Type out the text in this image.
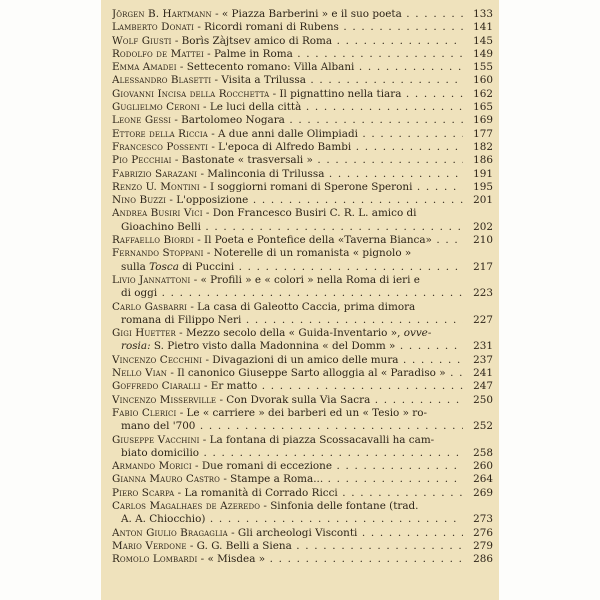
Jörgen B. Hartmann - « Piazza Barberini » e il suo poeta . . .	133
Lamberto Donati - Ricordi romani di Rubens . . .	141
Wolf Giusti - Borìs Zàjtsev amico di Roma . . .	145
Rodolfo de Mattei - Palme in Roma . . .	149
Emma Amadei - Settecento romano: Villa Albani . . .	155
Alessandro Blasetti - Visita a Trilussa . . .	160
Giovanni Incisa della Rocchetta - Il pignattino nella tiara . . .	162
Guglielmo Ceroni - Le luci della città . . .	165
Leone Gessi - Bartolomeo Nogara . . .	169
Ettore della Riccia - A due anni dalle Olimpiadi . . .	177
Francesco Possenti - L'epoca di Alfredo Bambi . . .	182
Pio Pecchiai - Bastonate « trasversali » . . .	186
Fabrizio Sarazani - Malinconia di Trilussa . . .	191
Renzo U. Montini - I soggiorni romani di Sperone Speroni . . .	195
Nino Buzzi - L'opposizione . . .	201
Andrea Busiri Vici - Don Francesco Busiri C. R. L. amico di
Gioachino Belli . . .	202
Raffaello Biordi - Il Poeta e Pontefice della «Taverna Bianca» . . .	210
Fernando Stoppani - Noterelle di un romanista « pignolo »
sulla Tosca di Puccini . . .	217
Livio Jannattoni - « Profili » e « colori » nella Roma di ieri e
di oggi . . .	223
Carlo Gasbarri - La casa di Galeotto Caccia, prima dimora
romana di Filippo Neri . . .	227
Gigi Huetter - Mezzo secolo della « Guida-Inventario », ovve-
rosia: S. Pietro visto dalla Madonnina « del Domm » . . .	231
Vincenzo Cecchini - Divagazioni di un amico delle mura . . .	237
Nello Vian - Il canonico Giuseppe Sarto alloggia al « Paradiso » . . .	241
Goffredo Ciaralli - Er matto . . .	247
Vincenzo Misserville - Con Dvorak sulla Via Sacra . . .	250
Fabio Clerici - Le « carriere » dei barberi ed un « Tesio » ro-
mano del '700 . . .	252
Giuseppe Vacchini - La fontana di piazza Scossacavalli ha cam-
biato domicilio . . .	258
Armando Morici - Due romani di eccezione . . .	260
Gianna Mauro Castro - Stampe a Roma... . . .	264
Piero Scarpa - La romanità di Corrado Ricci . . .	269
Carlos Magalhaes de Azeredo - Sinfonia delle fontane (trad.
A. A. Chiocchio) . . .	273
Anton Giulio Bragaglia - Gli archeologi Visconti . . .	276
Mario Verdone - G. G. Belli a Siena . . .	279
Romolo Lombardi - « Misdea » . . .	286
